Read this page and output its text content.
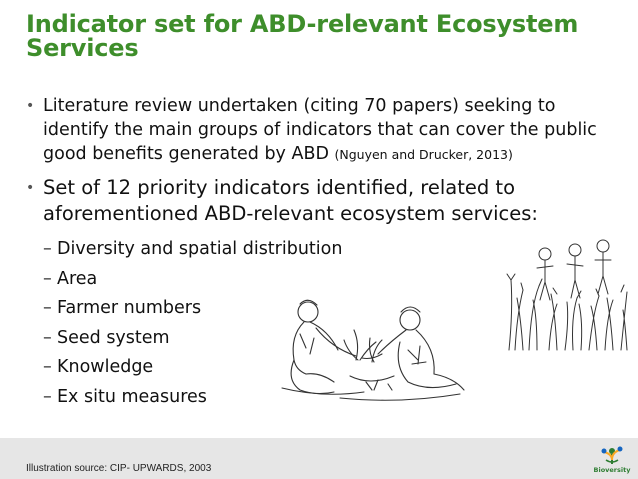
Indicator set for ABD-relevant Ecosystem Services
• Literature review undertaken (citing 70 papers) seeking to identify the main groups of indicators that can cover the public good benefits generated by ABD (Nguyen and Drucker, 2013)
• Set of 12 priority indicators identified, related to aforementioned ABD-relevant ecosystem services:
– Diversity and spatial distribution
– Area
– Farmer numbers
– Seed system
– Knowledge
– Ex situ measures
Illustration source: CIP- UPWARDS, 2003	Bioversity
